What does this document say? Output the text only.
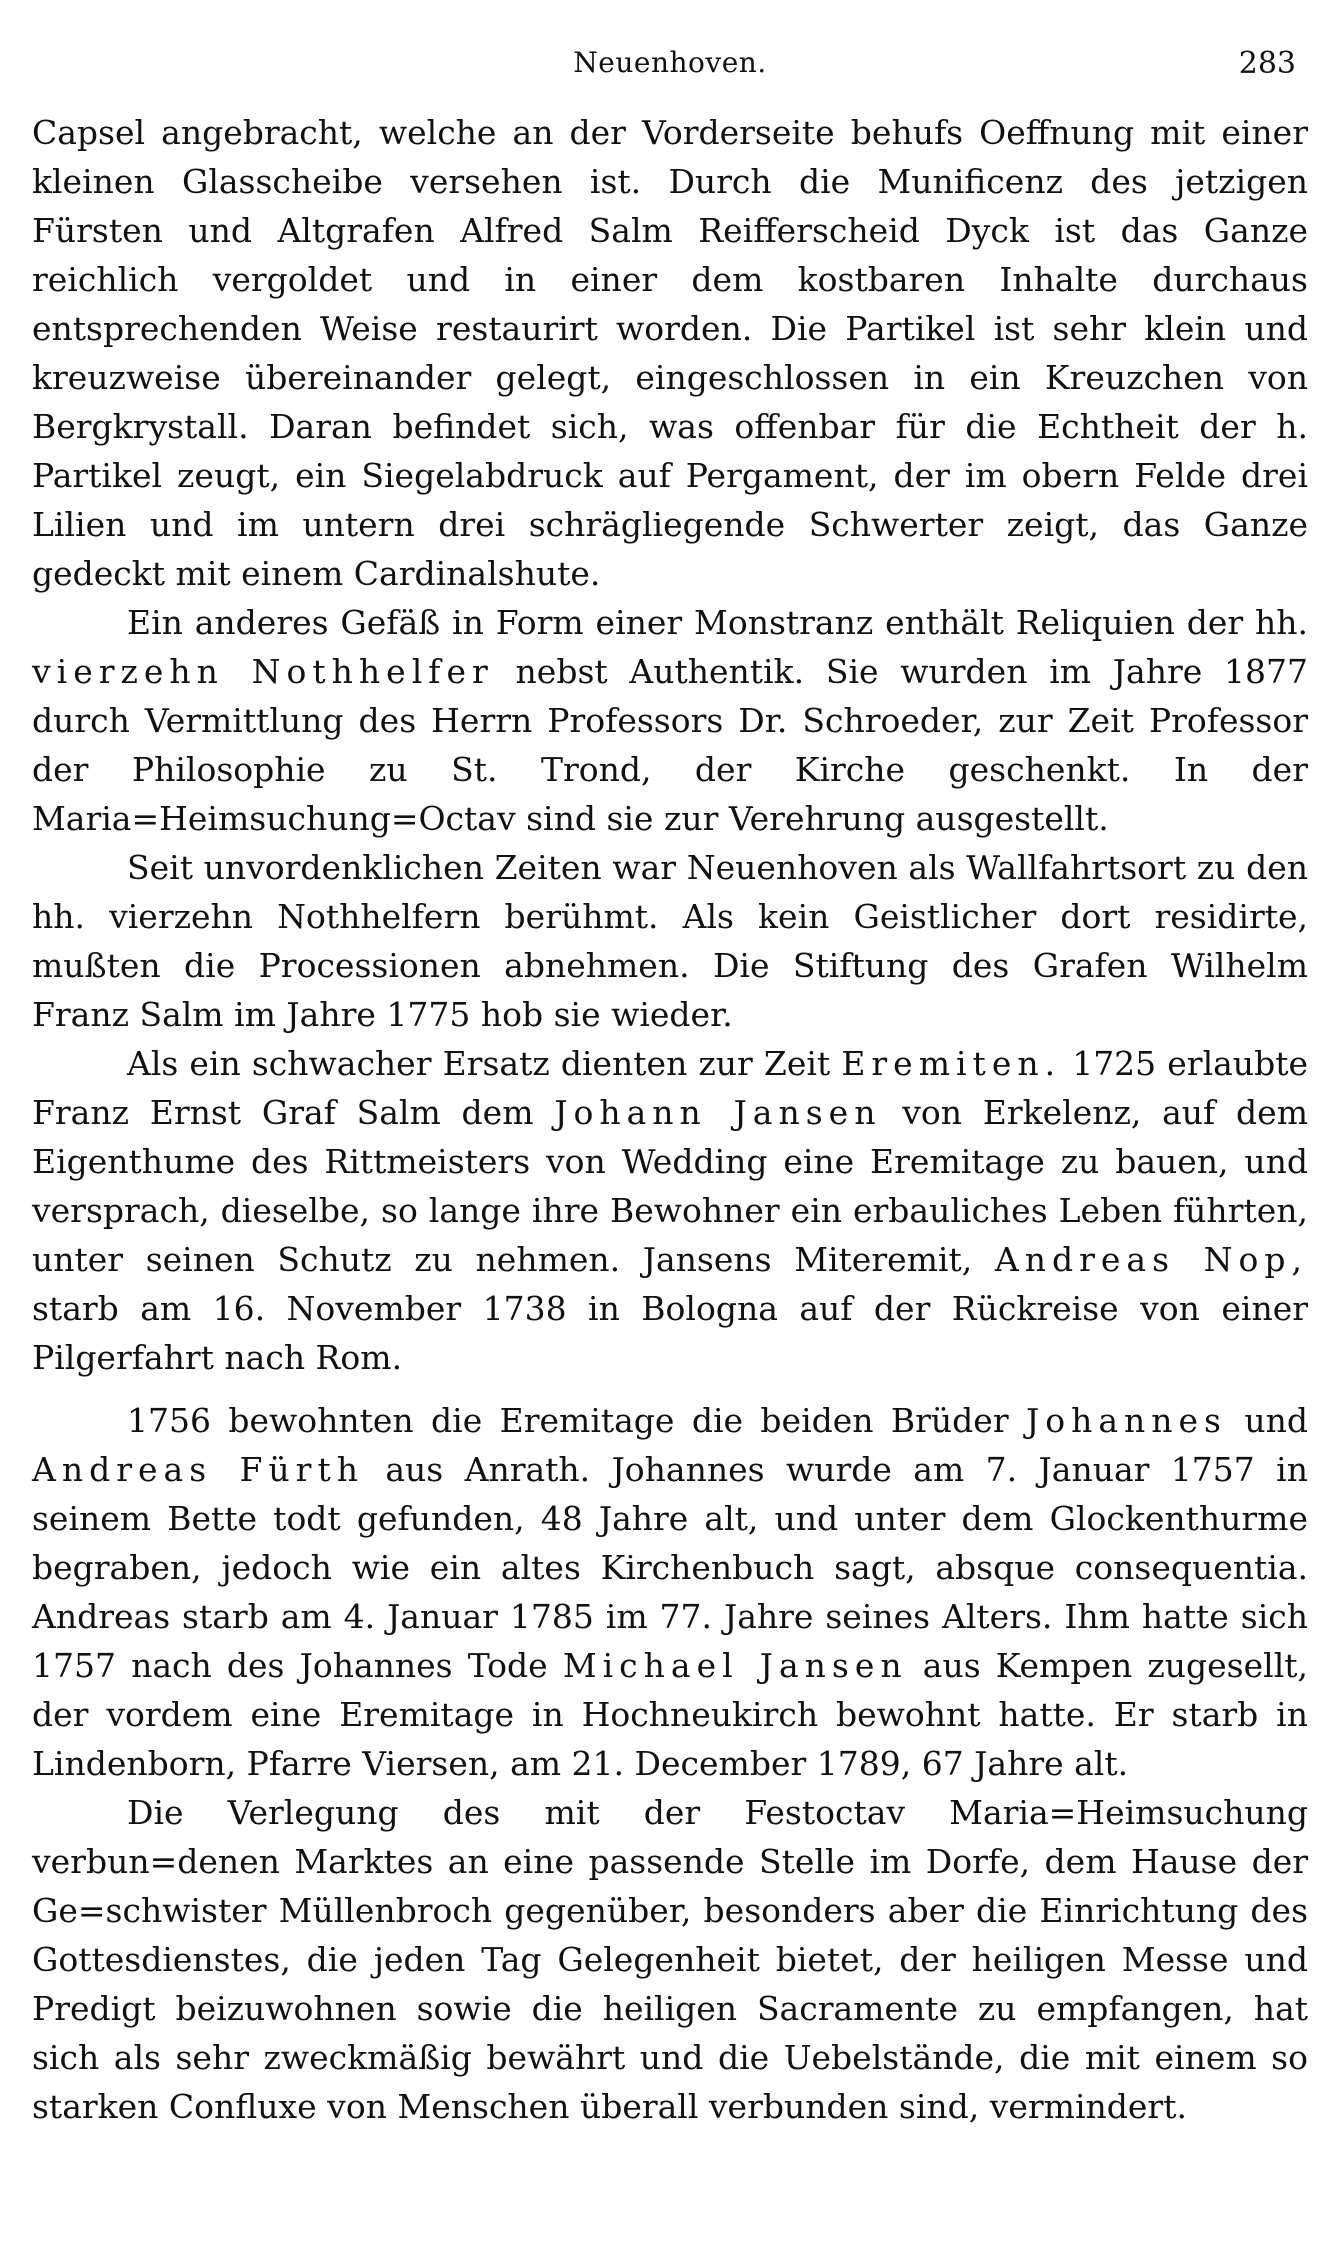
Neuenhoven.	283

Capsel angebracht, welche an der Vorderseite behufs Oeffnung mit einer kleinen Glasscheibe versehen ist. Durch die Munificenz des jetzigen Fürsten und Altgrafen Alfred Salm Reifferscheid Dyck ist das Ganze reichlich vergoldet und in einer dem kostbaren Inhalte durchaus entsprechenden Weise restaurirt worden. Die Partikel ist sehr klein und kreuzweise übereinander gelegt, eingeschlossen in ein Kreuzchen von Bergkrystall. Daran befindet sich, was offenbar für die Echtheit der h. Partikel zeugt, ein Siegelabdruck auf Pergament, der im obern Felde drei Lilien und im untern drei schrägliegende Schwerter zeigt, das Ganze gedeckt mit einem Cardinalshute.

Ein anderes Gefäß in Form einer Monstranz enthält Reliquien der hh. vierzehn Nothhelfer nebst Authentik. Sie wurden im Jahre 1877 durch Vermittlung des Herrn Professors Dr. Schroeder, zur Zeit Professor der Philosophie zu St. Trond, der Kirche geschenkt. In der Maria=Heimsuchung=Octav sind sie zur Verehrung ausgestellt.

Seit unvordenklichen Zeiten war Neuenhoven als Wallfahrtsort zu den hh. vierzehn Nothhelfern berühmt. Als kein Geistlicher dort residirte, mußten die Processionen abnehmen. Die Stiftung des Grafen Wilhelm Franz Salm im Jahre 1775 hob sie wieder.

Als ein schwacher Ersatz dienten zur Zeit Eremiten. 1725 erlaubte Franz Ernst Graf Salm dem Johann Jansen von Erkelenz, auf dem Eigenthume des Rittmeisters von Wedding eine Eremitage zu bauen, und versprach, dieselbe, so lange ihre Bewohner ein erbauliches Leben führten, unter seinen Schutz zu nehmen. Jansens Miteremit, Andreas Nop, starb am 16. November 1738 in Bologna auf der Rückreise von einer Pilgerfahrt nach Rom.

1756 bewohnten die Eremitage die beiden Brüder Johannes und Andreas Fürth aus Anrath. Johannes wurde am 7. Januar 1757 in seinem Bette todt gefunden, 48 Jahre alt, und unter dem Glockenthurme begraben, jedoch wie ein altes Kirchenbuch sagt, absque consequentia. Andreas starb am 4. Januar 1785 im 77. Jahre seines Alters. Ihm hatte sich 1757 nach des Johannes Tode Michael Jansen aus Kempen zugesellt, der vordem eine Eremitage in Hochneukirch bewohnt hatte. Er starb in Lindenborn, Pfarre Viersen, am 21. December 1789, 67 Jahre alt.

Die Verlegung des mit der Festoctav Maria=Heimsuchung verbun=denen Marktes an eine passende Stelle im Dorfe, dem Hause der Ge=schwister Müllenbroch gegenüber, besonders aber die Einrichtung des Gottesdienstes, die jeden Tag Gelegenheit bietet, der heiligen Messe und Predigt beizuwohnen sowie die heiligen Sacramente zu empfangen, hat sich als sehr zweckmäßig bewährt und die Uebelstände, die mit einem so starken Confluxe von Menschen überall verbunden sind, vermindert.
